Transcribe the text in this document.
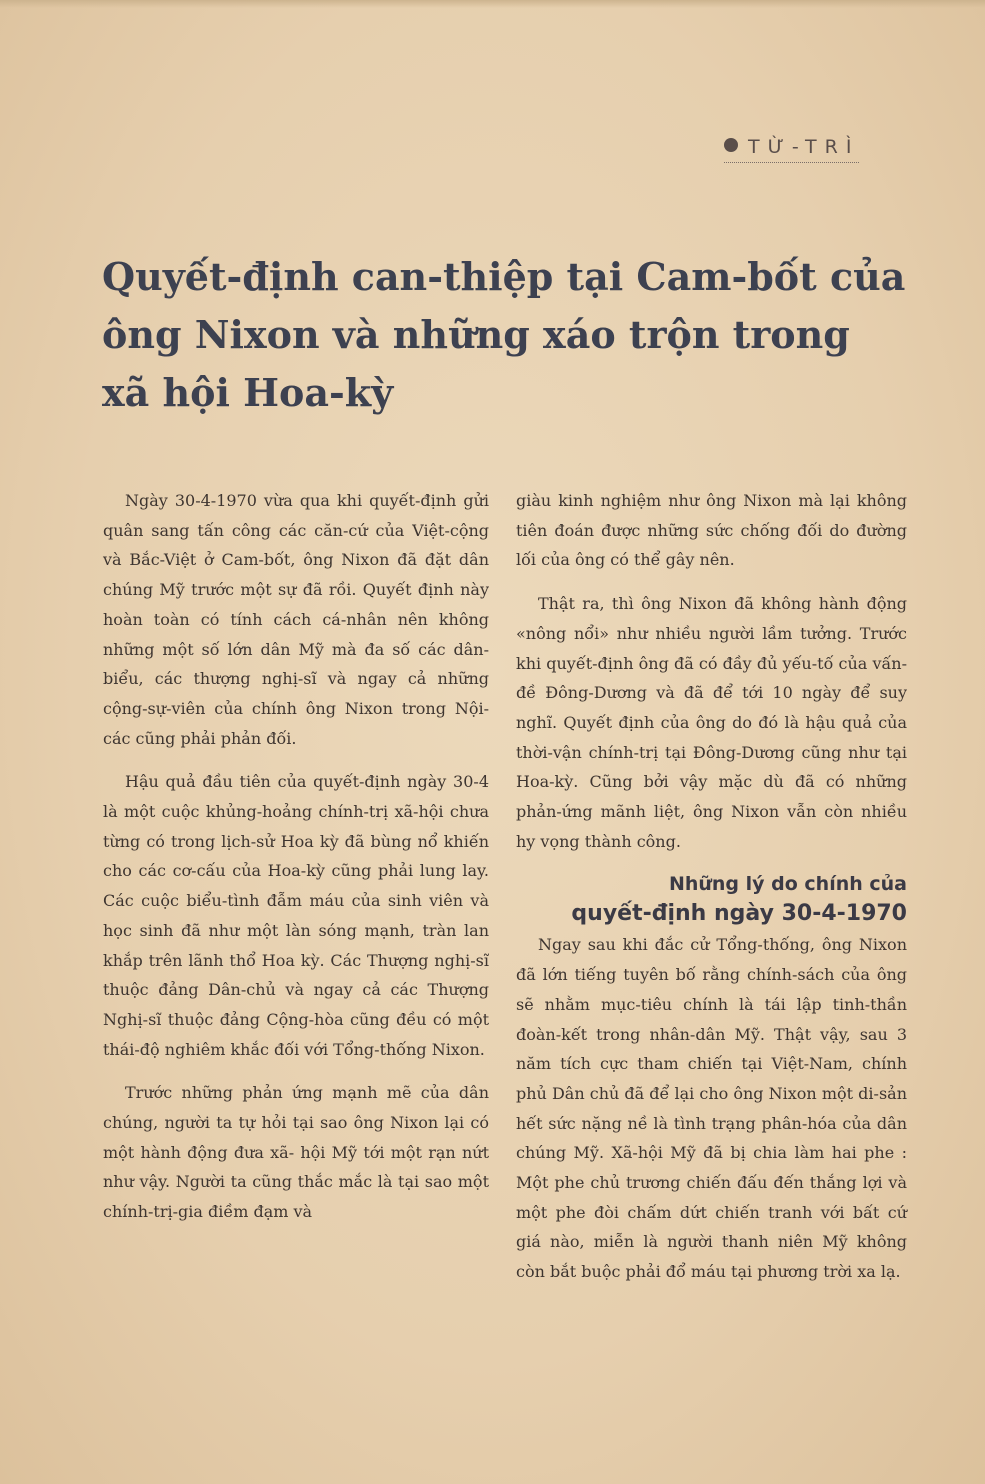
TỪ-TRÌ
Quyết-định can-thiệp tại Cam-bốt của ông Nixon và những xáo trộn trong xã hội Hoa-kỳ

Ngày 30-4-1970 vừa qua khi quyết-định gửi quân sang tấn công các căn-cứ của Việt-cộng và Bắc-Việt ở Cam-bốt, ông Nixon đã đặt dân chúng Mỹ trước một sự đã rồi. Quyết định này hoàn toàn có tính cách cá-nhân nên không những một số lớn dân Mỹ mà đa số các dân-biểu, các thượng nghị-sĩ và ngay cả những cộng-sự-viên của chính ông Nixon trong Nội-các cũng phải phản đối.

Hậu quả đầu tiên của quyết-định ngày 30-4 là một cuộc khủng-hoảng chính-trị xã-hội chưa từng có trong lịch-sử Hoa kỳ đã bùng nổ khiến cho các cơ-cấu của Hoa-kỳ cũng phải lung lay. Các cuộc biểu-tình đẫm máu của sinh viên và học sinh đã như một làn sóng mạnh, tràn lan khắp trên lãnh thổ Hoa kỳ. Các Thượng nghị-sĩ thuộc đảng Dân-chủ và ngay cả các Thượng Nghị-sĩ thuộc đảng Cộng-hòa cũng đều có một thái-độ nghiêm khắc đối với Tổng-thống Nixon.

Trước những phản ứng mạnh mẽ của dân chúng, người ta tự hỏi tại sao ông Nixon lại có một hành động đưa xã- hội Mỹ tới một rạn nứt như vậy. Người ta cũng thắc mắc là tại sao một chính-trị-gia điềm đạm và

giàu kinh nghiệm như ông Nixon mà lại không tiên đoán được những sức chống đối do đường lối của ông có thể gây nên.

Thật ra, thì ông Nixon đã không hành động «nông nổi» như nhiều người lầm tưởng. Trước khi quyết-định ông đã có đầy đủ yếu-tố của vấn-đề Đông-Dương và đã để tới 10 ngày để suy nghĩ. Quyết định của ông do đó là hậu quả của thời-vận chính-trị tại Đông-Dương cũng như tại Hoa-kỳ. Cũng bởi vậy mặc dù đã có những phản-ứng mãnh liệt, ông Nixon vẫn còn nhiều hy vọng thành công.

Những lý do chính của
quyết-định ngày 30-4-1970

Ngay sau khi đắc cử Tổng-thống, ông Nixon đã lớn tiếng tuyên bố rằng chính-sách của ông sẽ nhằm mục-tiêu chính là tái lập tinh-thần đoàn-kết trong nhân-dân Mỹ. Thật vậy, sau 3 năm tích cực tham chiến tại Việt-Nam, chính phủ Dân chủ đã để lại cho ông Nixon một di-sản hết sức nặng nề là tình trạng phân-hóa của dân chúng Mỹ. Xã-hội Mỹ đã bị chia làm hai phe : Một phe chủ trương chiến đấu đến thắng lợi và một phe đòi chấm dứt chiến tranh với bất cứ giá nào, miễn là người thanh niên Mỹ không còn bắt buộc phải đổ máu tại phương trời xa lạ.
